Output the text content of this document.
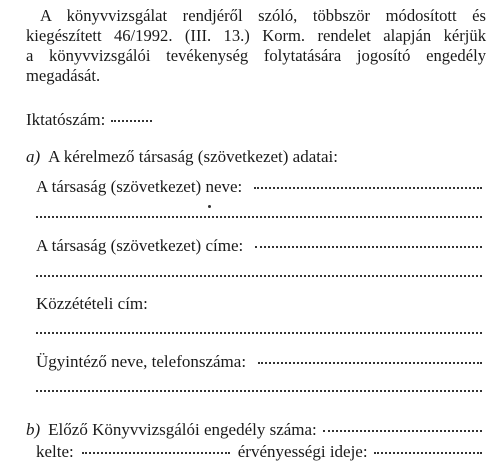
A könyvvizsgálat rendjéről szóló, többször módosított és
kiegészített 46/1992. (III. 13.) Korm. rendelet alapján kérjük
a könyvvizsgálói tevékenység folytatására jogosító engedély
megadását.
Iktatószám:
a) A kérelmező társaság (szövetkezet) adatai:
A társaság (szövetkezet) neve:
A társaság (szövetkezet) címe:
Közzétételi cím:
Ügyintéző neve, telefonszáma:
b) Előző Könyvvizsgálói engedély száma:
kelte:	érvényességi ideje:
